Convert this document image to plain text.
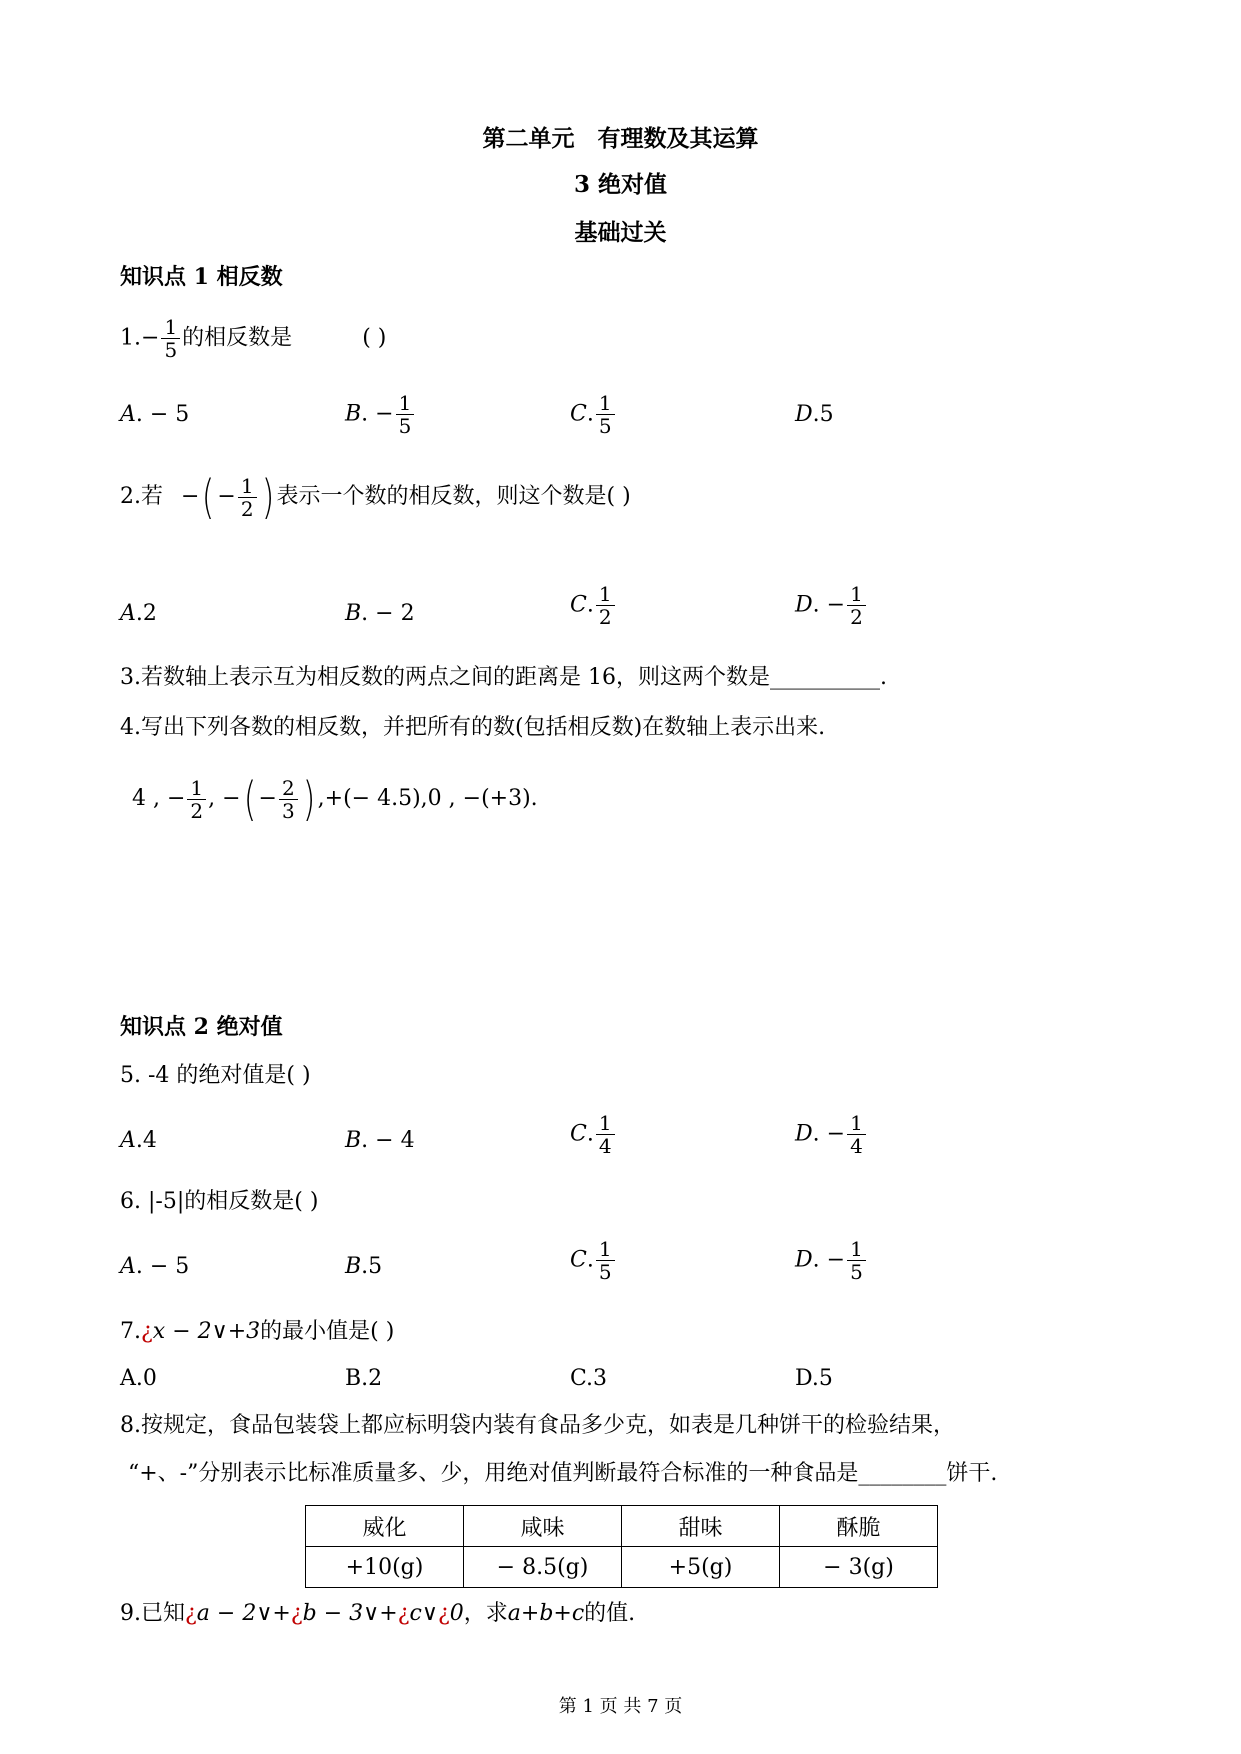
第二单元　有理数及其运算
3 绝对值
基础过关
知识点 1 相反数
$1.- \frac{1}{5}$ 的相反数是	( )
A. − 5	B. − $\frac{1}{5}$	C. $\frac{1}{5}$	D.5
2.若 −( − $\frac{1}{2}$ ) 表示一个数的相反数，则这个数是( )
A.2	B. − 2	C. $\frac{1}{2}$	D. − $\frac{1}{2}$
3.若数轴上表示互为相反数的两点之间的距离是 16，则这两个数是__________.
4.写出下列各数的相反数，并把所有的数(包括相反数)在数轴上表示出来.
4 , − $\frac{1}{2}$ , −( − $\frac{2}{3}$ ) ,+(− 4.5),0 , −(+3).
知识点 2 绝对值
5. -4 的绝对值是( )
A.4	B. − 4	C. $\frac{1}{4}$	D. − $\frac{1}{4}$
6. |-5|的相反数是( )
A. − 5	B.5	C. $\frac{1}{5}$	D. − $\frac{1}{5}$
7.¿x − 2∨+3的最小值是( )
A.0	B.2	C.3	D.5
8.按规定，食品包装袋上都应标明袋内装有食品多少克，如表是几种饼干的检验结果，
“+、-”分别表示比标准质量多、少，用绝对值判断最符合标准的一种食品是________饼干.
威化	咸味	甜味	酥脆
+10(g)	− 8.5(g)	+5(g)	− 3(g)
9.已知¿a − 2∨+¿b − 3∨+¿c∨¿0，求a+b+c的值.
第 1 页 共 7 页
